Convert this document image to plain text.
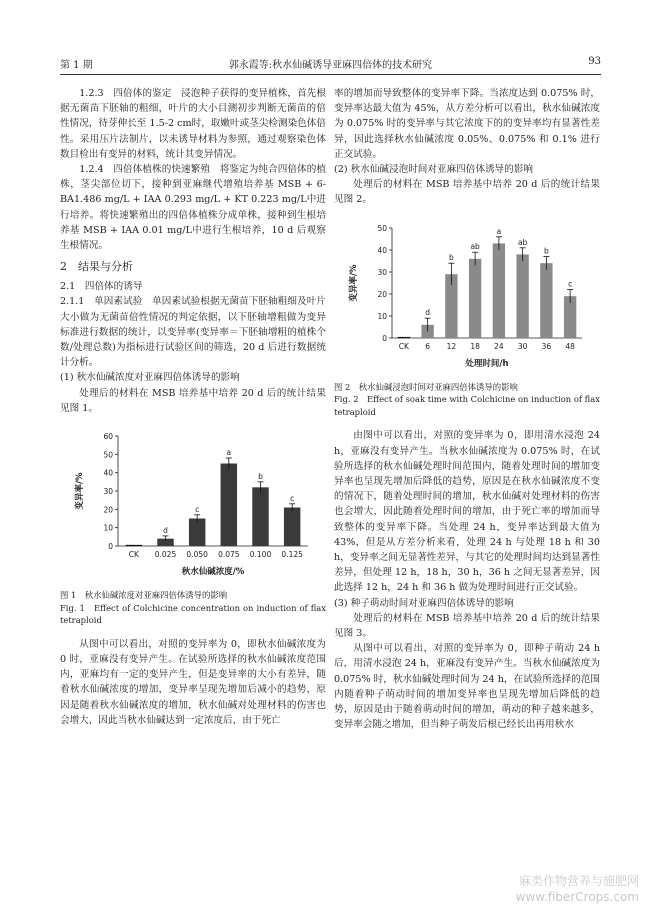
第 1 期	郭永霞等:秋水仙碱诱导亚麻四倍体的技术研究	93

1.2.3　四倍体的鉴定　浸泡种子获得的变异植株，首先根据无菌苗下胚轴的粗细，叶片的大小目测初步判断无菌苗的倍性情况，待芽伸长至 1.5-2 cm时，取嫩叶或茎尖检测染色体倍性。采用压片法制片，以未诱导材料为参照，通过观察染色体数目检出有变异的材料，统计其变异情况。

1.2.4　四倍体植株的快速繁殖　将鉴定为纯合四倍体的植株，茎尖部位切下，接种到亚麻继代增殖培养基 MSB + 6-BA1.486 mg/L + IAA 0.293 mg/L + KT 0.223 mg/L中进行培养。将快速繁殖出的四倍体植株分成单株，接种到生根培养基 MSB + IAA 0.01 mg/L中进行生根培养，10 d 后观察生根情况。

2　结果与分析

2.1　四倍体的诱导

2.1.1　单因素试验　单因素试验根据无菌苗下胚轴粗细及叶片大小做为无菌苗倍性情况的判定依据，以下胚轴增粗做为变异标准进行数据的统计，以变异率(变异率＝下胚轴增粗的植株个数/处理总数)为指标进行试验区间的筛选，20 d 后进行数据统计分析。

(1) 秋水仙碱浓度对亚麻四倍体诱导的影响

处理后的材料在 MSB 培养基中培养 20 d 后的统计结果见图 1。

0
10
20
30
40
50
60
CK
d
0.025
c
0.050
a
0.075
b
0.100
c
0.125
秋水仙碱浓度/%
变异率/%

图 1　秋水仙碱浓度对亚麻四倍体诱导的影响

Fig. 1　Effect of Colchicine concentration on induction of flax tetraploid

从图中可以看出，对照的变异率为 0，即秋水仙碱浓度为 0 时，亚麻没有变异产生。在试验所选择的秋水仙碱浓度范围内，亚麻均有一定的变异产生，但是变异率的大小有差异，随着秋水仙碱浓度的增加，变异率呈现先增加后减小的趋势，原因是随着秋水仙碱浓度的增加，秋水仙碱对处理材料的伤害也会增大，因此当秋水仙碱达到一定浓度后，由于死亡

率的增加而导致整体的变异率下降。当浓度达到 0.075% 时，变异率达最大值为 45%，从方差分析可以看出，秋水仙碱浓度为 0.075% 时的变异率与其它浓度下的的变异率均有显著性差异，因此选择秋水仙碱浓度 0.05%、0.075% 和 0.1% 进行正交试验。

(2) 秋水仙碱浸泡时间对亚麻四倍体诱导的影响

处理后的材料在 MSB 培养基中培养 20 d 后的统计结果见图 2。

0
10
20
30
40
50
CK
d
6
b
12
ab
18
a
24
ab
30
b
36
c
48
处理时间/h
变异率/%

图 2　秋水仙碱浸泡时间对亚麻四倍体诱导的影响

Fig. 2　Effect of soak time with Colchicine on induction of flax tetraploid

由图中可以看出，对照的变异率为 0，即用清水浸泡 24 h，亚麻没有变异产生。当秋水仙碱浓度为 0.075% 时，在试验所选择的秋水仙碱处理时间范围内，随着处理时间的增加变异率也呈现先增加后降低的趋势，原因是在秋水仙碱浓度不变的情况下，随着处理时间的增加，秋水仙碱对处理材料的伤害也会增大，因此随着处理时间的增加，由于死亡率的增加而导致整体的变异率下降。当处理 24 h，变异率达到最大值为 43%，但是从方差分析来看，处理 24 h 与处理 18 h 和 30 h，变异率之间无显著性差异，与其它的处理时间均达到显著性差异，但处理 12 h，18 h，30 h，36 h 之间无显著差异，因此选择 12 h，24 h 和 36 h 做为处理时间进行正交试验。

(3) 种子萌动时间对亚麻四倍体诱导的影响

处理后的材料在 MSB 培养基中培养 20 d 后的统计结果见图 3。

从图中可以看出，对照的变异率为 0，即种子萌动 24 h 后，用清水浸泡 24 h，亚麻没有变异产生。当秋水仙碱浓度为 0.075% 时，秋水仙碱处理时间为 24 h，在试验所选择的范围内随着种子萌动时间的增加变异率也呈现先增加后降低的趋势，原因是由于随着萌动时间的增加，萌动的种子越来越多，变异率会随之增加，但当种子萌发后根已经长出再用秋水

麻类作物营养与施肥网
www.fiberCrops.com
